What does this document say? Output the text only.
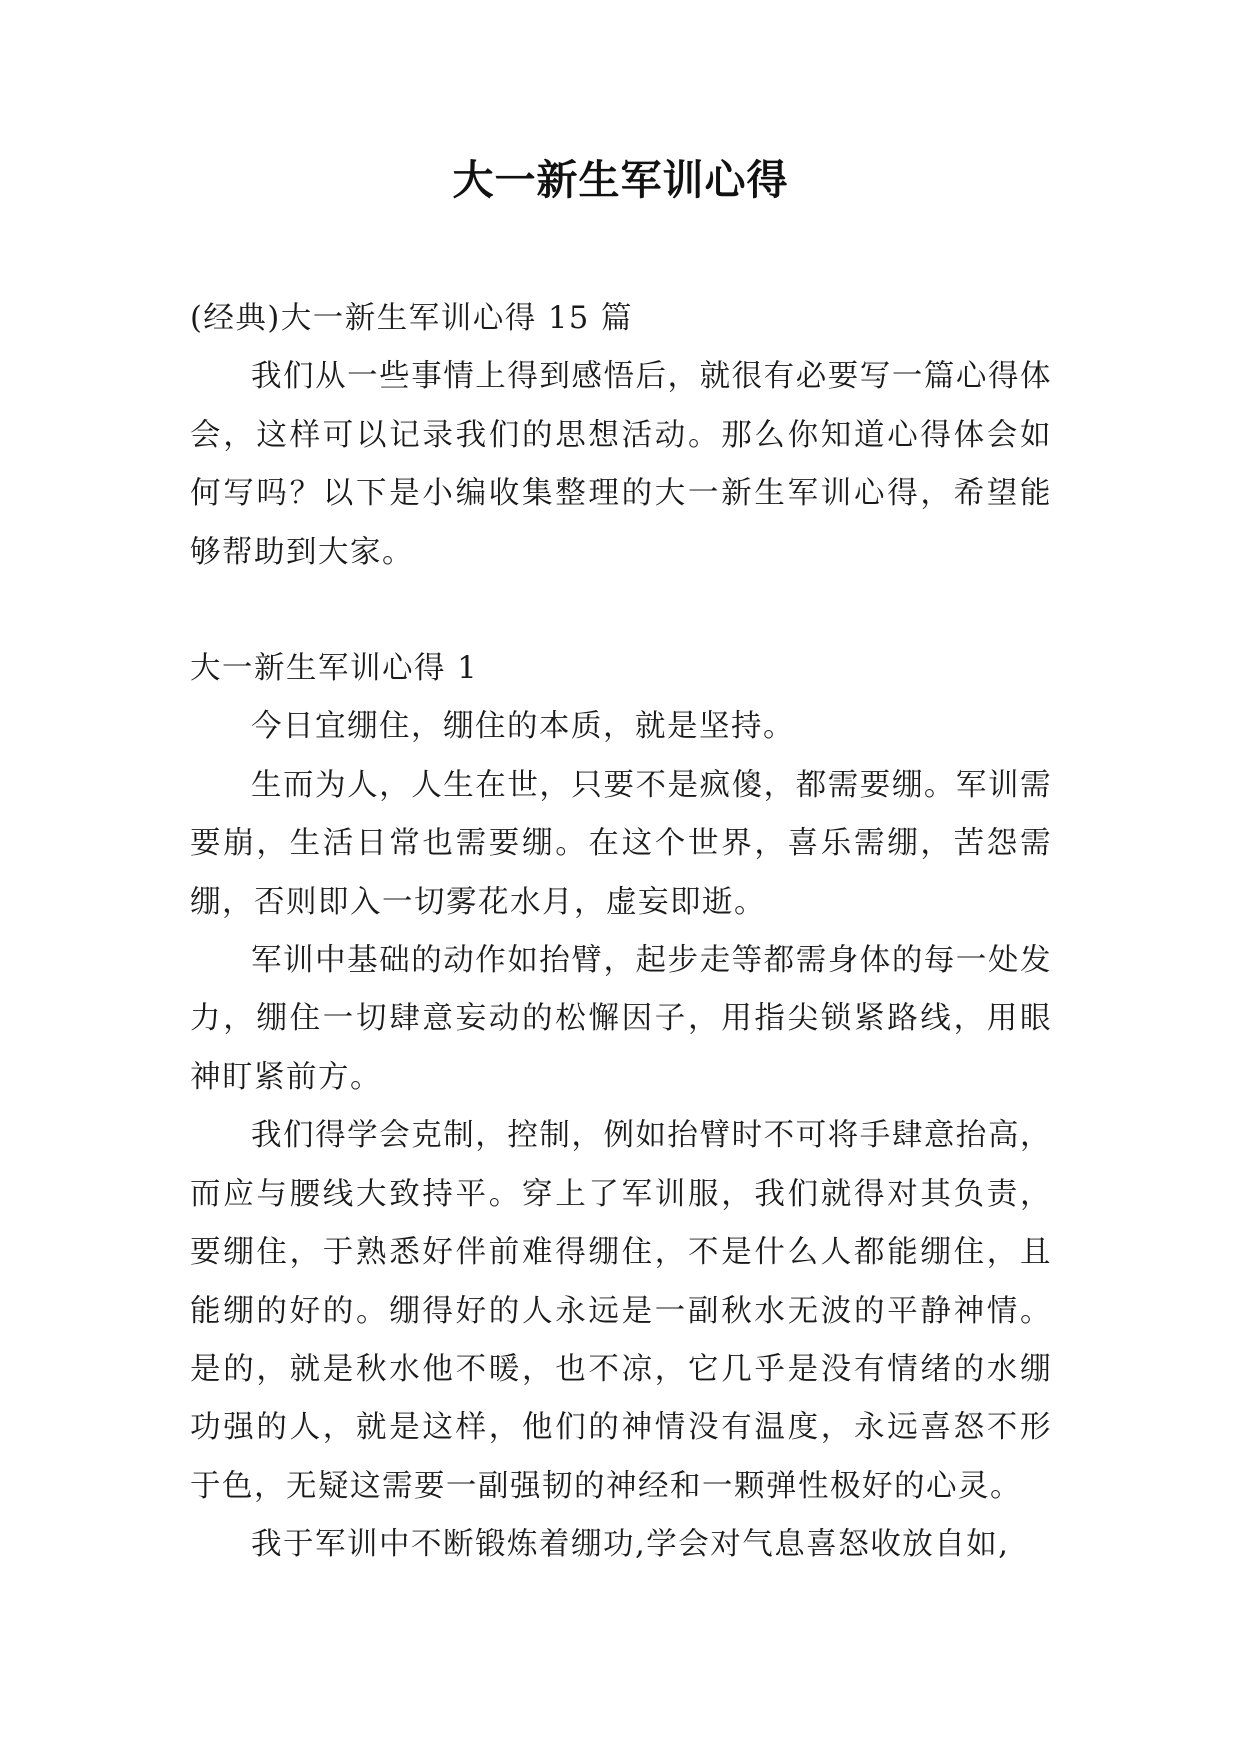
大一新生军训心得

(经典)大一新生军训心得 15 篇

我们从一些事情上得到感悟后，就很有必要写一篇心得体会，这样可以记录我们的思想活动。那么你知道心得体会如何写吗？以下是小编收集整理的大一新生军训心得，希望能够帮助到大家。

大一新生军训心得 1

今日宜绷住，绷住的本质，就是坚持。

生而为人，人生在世，只要不是疯傻，都需要绷。军训需要崩，生活日常也需要绷。在这个世界，喜乐需绷，苦怨需绷，否则即入一切雾花水月，虚妄即逝。

军训中基础的动作如抬臂，起步走等都需身体的每一处发力，绷住一切肆意妄动的松懈因子，用指尖锁紧路线，用眼神盯紧前方。

我们得学会克制，控制，例如抬臂时不可将手肆意抬高，而应与腰线大致持平。穿上了军训服，我们就得对其负责，要绷住，于熟悉好伴前难得绷住，不是什么人都能绷住，且能绷的好的。绷得好的人永远是一副秋水无波的平静神情。是的，就是秋水他不暖，也不凉，它几乎是没有情绪的水绷功强的人，就是这样，他们的神情没有温度，永远喜怒不形于色，无疑这需要一副强韧的神经和一颗弹性极好的心灵。

我于军训中不断锻炼着绷功,学会对气息喜怒收放自如,
